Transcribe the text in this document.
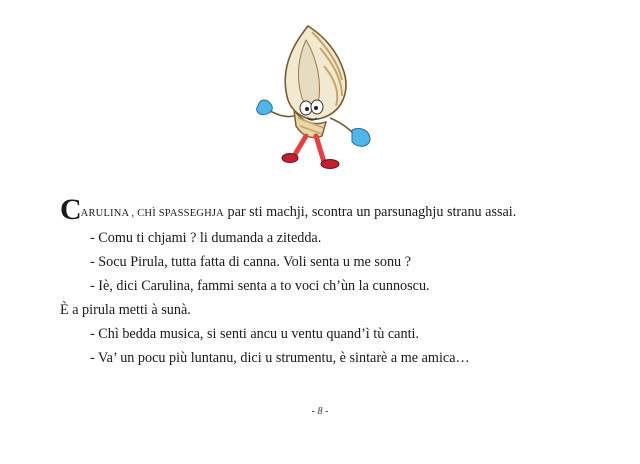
CARULINA , CHÌ SPASSEGHJA par sti machji, scontra un parsunaghju stranu assai.
- Comu ti chjami ? li dumanda a zitedda.
- Socu Pirula, tutta fatta di canna. Voli senta u me sonu ?
- Iè, dici Carulina, fammi senta a to voci ch’ùn la cunnoscu.
È a pirula metti à sunà.
- Chì bedda musica, si senti ancu u ventu quand’ì tù canti.
- Va’ un pocu più luntanu, dici u strumentu, è sintarè a me amica…
- 8 -
